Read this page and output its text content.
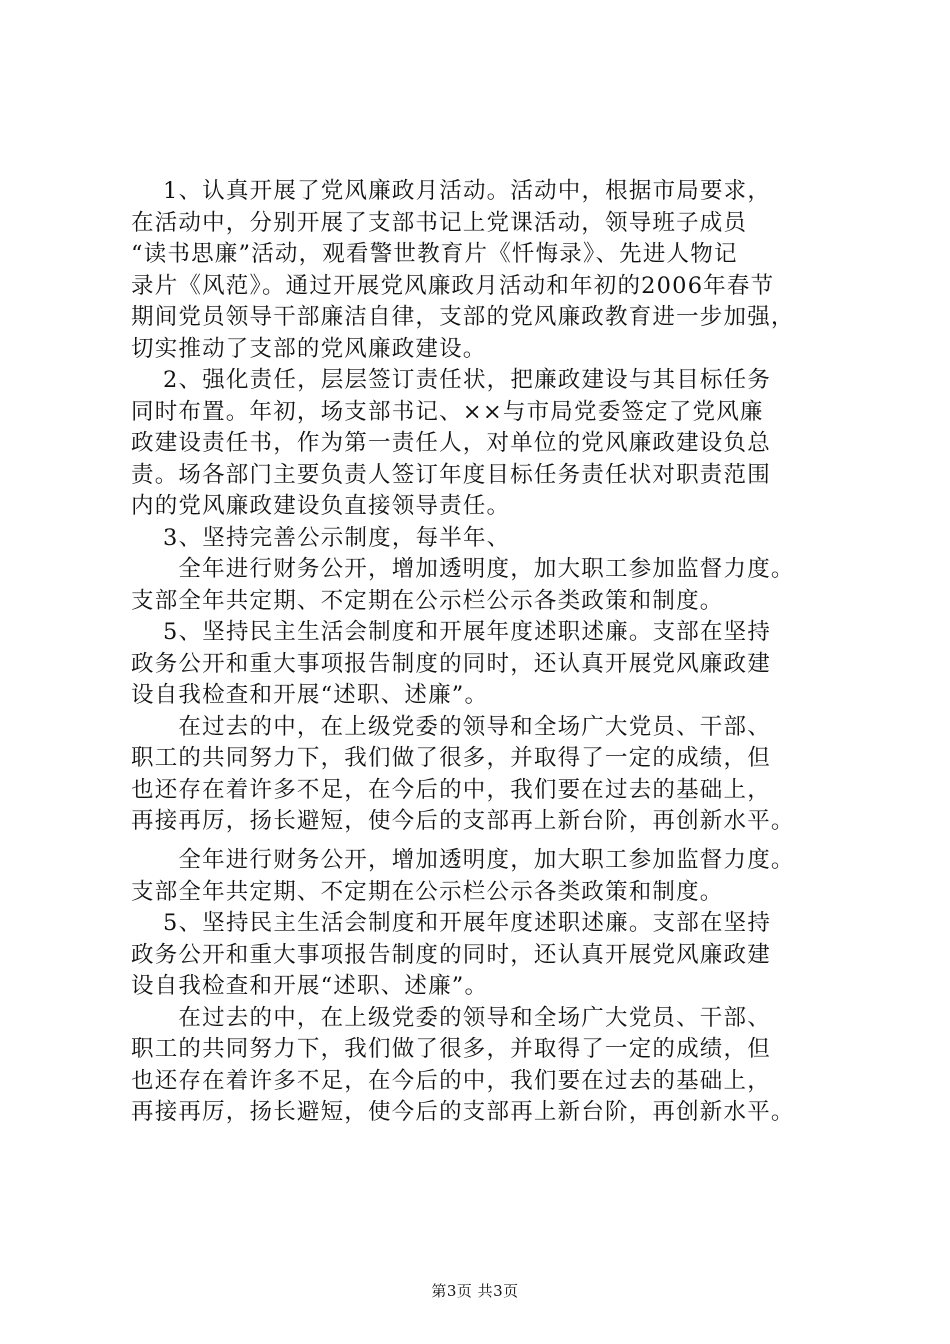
　 1、认真开展了党风廉政月活动。活动中，根据市局要求，
在活动中，分别开展了支部书记上党课活动，领导班子成员
“读书思廉”活动，观看警世教育片《忏悔录》、先进人物记
录片《风范》。通过开展党风廉政月活动和年初的2006年春节
期间党员领导干部廉洁自律，支部的党风廉政教育进一步加强，
切实推动了支部的党风廉政建设。

　 2、强化责任，层层签订责任状，把廉政建设与其目标任务
同时布置。年初，场支部书记、××与市局党委签定了党风廉
政建设责任书，作为第一责任人，对单位的党风廉政建设负总
责。场各部门主要负责人签订年度目标任务责任状对职责范围
内的党风廉政建设负直接领导责任。

　 3、坚持完善公示制度，每半年、

　　全年进行财务公开，增加透明度，加大职工参加监督力度。
支部全年共定期、不定期在公示栏公示各类政策和制度。

　 5、坚持民主生活会制度和开展年度述职述廉。支部在坚持
政务公开和重大事项报告制度的同时，还认真开展党风廉政建
设自我检查和开展“述职、述廉”。

　　在过去的中，在上级党委的领导和全场广大党员、干部、
职工的共同努力下，我们做了很多，并取得了一定的成绩，但
也还存在着许多不足，在今后的中，我们要在过去的基础上，
再接再厉，扬长避短，使今后的支部再上新台阶，再创新水平。

　　全年进行财务公开，增加透明度，加大职工参加监督力度。
支部全年共定期、不定期在公示栏公示各类政策和制度。

　 5、坚持民主生活会制度和开展年度述职述廉。支部在坚持
政务公开和重大事项报告制度的同时，还认真开展党风廉政建
设自我检查和开展“述职、述廉”。

　　在过去的中，在上级党委的领导和全场广大党员、干部、
职工的共同努力下，我们做了很多，并取得了一定的成绩，但
也还存在着许多不足，在今后的中，我们要在过去的基础上，
再接再厉，扬长避短，使今后的支部再上新台阶，再创新水平。

第3页 共3页
